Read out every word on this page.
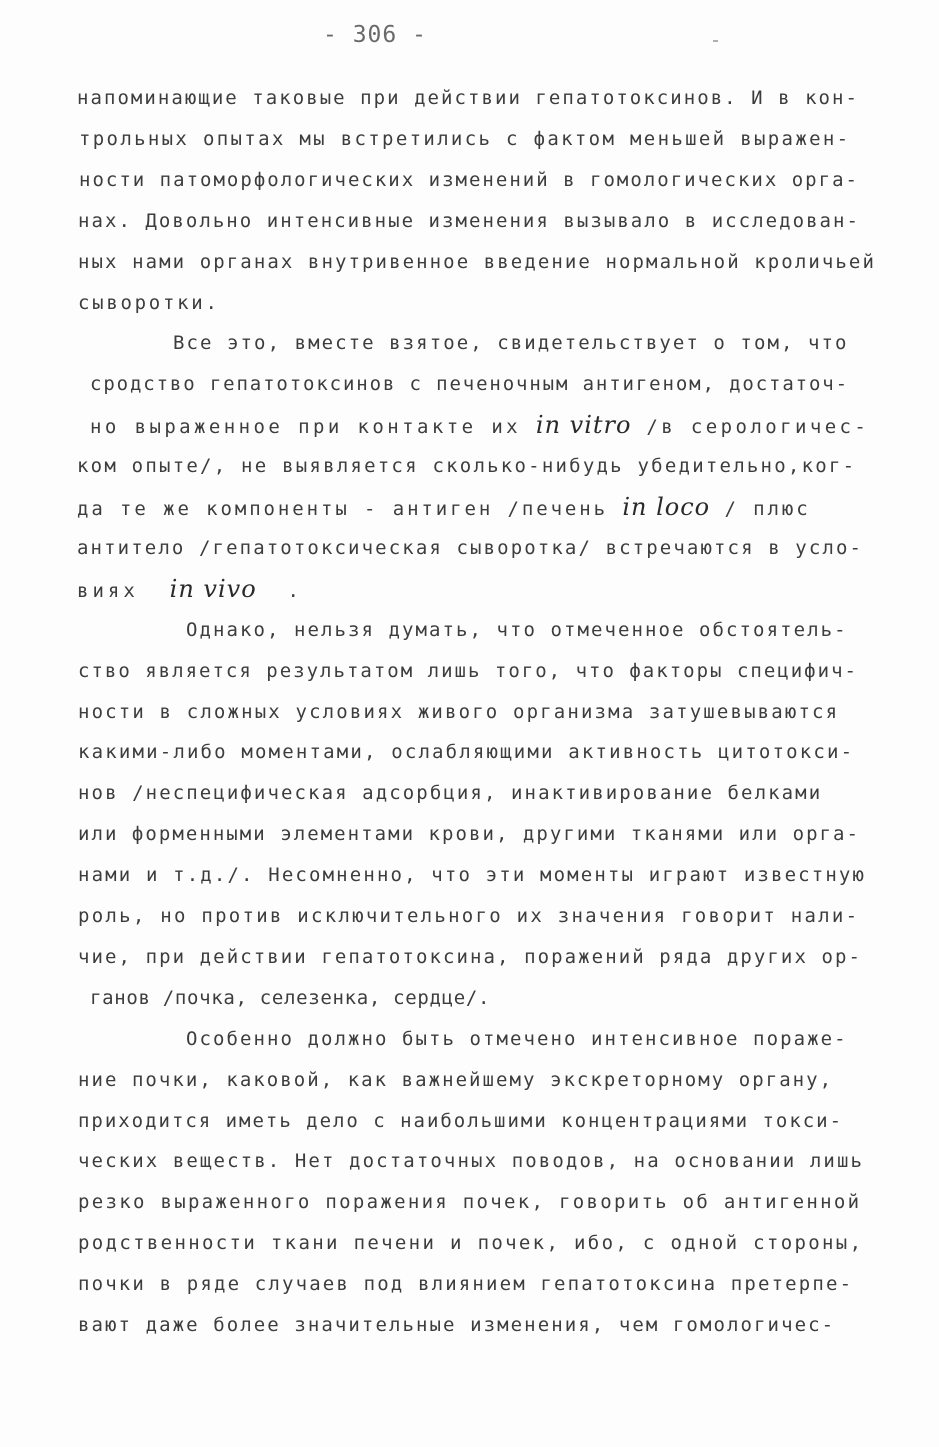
- 306 -
напоминающие таковые при действии гепатотоксинов. И в кон-
трольных опытах мы встретились с фактом меньшей выражен-
ности патоморфологических изменений в гомологических орга-
нах. Довольно интенсивные изменения вызывало в исследован-
ных нами органах внутривенное введение нормальной кроличьей
сыворотки.
Все это, вместе взятое, свидетельствует о том, что
сродство гепатотоксинов с печеночным антигеном, достаточ-
но выраженное при контакте их in vitro /в серологичес-
ком опыте/, не выявляется сколько-нибудь убедительно,ког-
да те же компоненты - антиген /печень in loco / плюс
антитело /гепатотоксическая сыворотка/ встречаются в усло-
виях  in vivo  .
Однако, нельзя думать, что отмеченное обстоятель-
ство является результатом лишь того, что факторы специфич-
ности в сложных условиях живого организма затушевываются
какими-либо моментами, ослабляющими активность цитотокси-
нов /неспецифическая адсорбция, инактивирование белками
или форменными элементами крови, другими тканями или орга-
нами и т.д./. Несомненно, что эти моменты играют известную
роль, но против исключительного их значения говорит нали-
чие, при действии гепатотоксина, поражений ряда других ор-
ганов /почка, селезенка, сердце/.
Особенно должно быть отмечено интенсивное пораже-
ние почки, каковой, как важнейшему экскреторному органу,
приходится иметь дело с наибольшими концентрациями токси-
ческих веществ. Нет достаточных поводов, на основании лишь
резко выраженного поражения почек, говорить об антигенной
родственности ткани печени и почек, ибо, с одной стороны,
почки в ряде случаев под влиянием гепатотоксина претерпе-
вают даже более значительные изменения, чем гомологичес-
